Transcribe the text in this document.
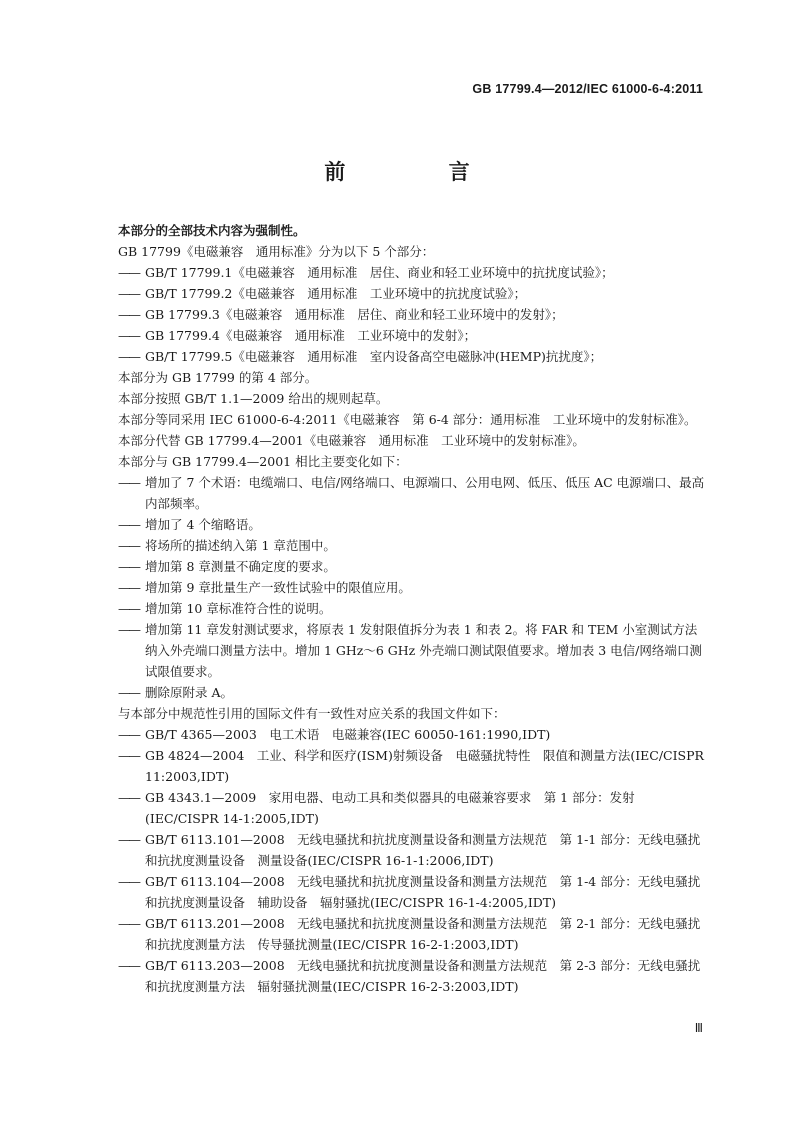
GB 17799.4—2012/IEC 61000-6-4:2011
前 言
本部分的全部技术内容为强制性。
GB 17799《电磁兼容　通用标准》分为以下 5 个部分：
—— GB/T 17799.1《电磁兼容　通用标准　居住、商业和轻工业环境中的抗扰度试验》；
—— GB/T 17799.2《电磁兼容　通用标准　工业环境中的抗扰度试验》；
—— GB 17799.3《电磁兼容　通用标准　居住、商业和轻工业环境中的发射》；
—— GB 17799.4《电磁兼容　通用标准　工业环境中的发射》；
—— GB/T 17799.5《电磁兼容　通用标准　室内设备高空电磁脉冲(HEMP)抗扰度》；
本部分为 GB 17799 的第 4 部分。
本部分按照 GB/T 1.1—2009 给出的规则起草。
本部分等同采用 IEC 61000-6-4:2011《电磁兼容　第 6-4 部分：通用标准　工业环境中的发射标准》。
本部分代替 GB 17799.4—2001《电磁兼容　通用标准　工业环境中的发射标准》。
本部分与 GB 17799.4—2001 相比主要变化如下：
—— 增加了 7 个术语：电缆端口、电信/网络端口、电源端口、公用电网、低压、低压 AC 电源端口、最高内部频率。
—— 增加了 4 个缩略语。
—— 将场所的描述纳入第 1 章范围中。
—— 增加第 8 章测量不确定度的要求。
—— 增加第 9 章批量生产一致性试验中的限值应用。
—— 增加第 10 章标准符合性的说明。
—— 增加第 11 章发射测试要求，将原表 1 发射限值拆分为表 1 和表 2。将 FAR 和 TEM 小室测试方法纳入外壳端口测量方法中。增加 1 GHz～6 GHz 外壳端口测试限值要求。增加表 3 电信/网络端口测试限值要求。
—— 删除原附录 A。
与本部分中规范性引用的国际文件有一致性对应关系的我国文件如下：
—— GB/T 4365—2003　电工术语　电磁兼容(IEC 60050-161:1990,IDT)
—— GB 4824—2004　工业、科学和医疗(ISM)射频设备　电磁骚扰特性　限值和测量方法(IEC/CISPR 11:2003,IDT)
—— GB 4343.1—2009　家用电器、电动工具和类似器具的电磁兼容要求　第 1 部分：发射(IEC/CISPR 14-1:2005,IDT)
—— GB/T 6113.101—2008　无线电骚扰和抗扰度测量设备和测量方法规范　第 1-1 部分：无线电骚扰和抗扰度测量设备　测量设备(IEC/CISPR 16-1-1:2006,IDT)
—— GB/T 6113.104—2008　无线电骚扰和抗扰度测量设备和测量方法规范　第 1-4 部分：无线电骚扰和抗扰度测量设备　辅助设备　辐射骚扰(IEC/CISPR 16-1-4:2005,IDT)
—— GB/T 6113.201—2008　无线电骚扰和抗扰度测量设备和测量方法规范　第 2-1 部分：无线电骚扰和抗扰度测量方法　传导骚扰测量(IEC/CISPR 16-2-1:2003,IDT)
—— GB/T 6113.203—2008　无线电骚扰和抗扰度测量设备和测量方法规范　第 2-3 部分：无线电骚扰和抗扰度测量方法　辐射骚扰测量(IEC/CISPR 16-2-3:2003,IDT)
Ⅲ
